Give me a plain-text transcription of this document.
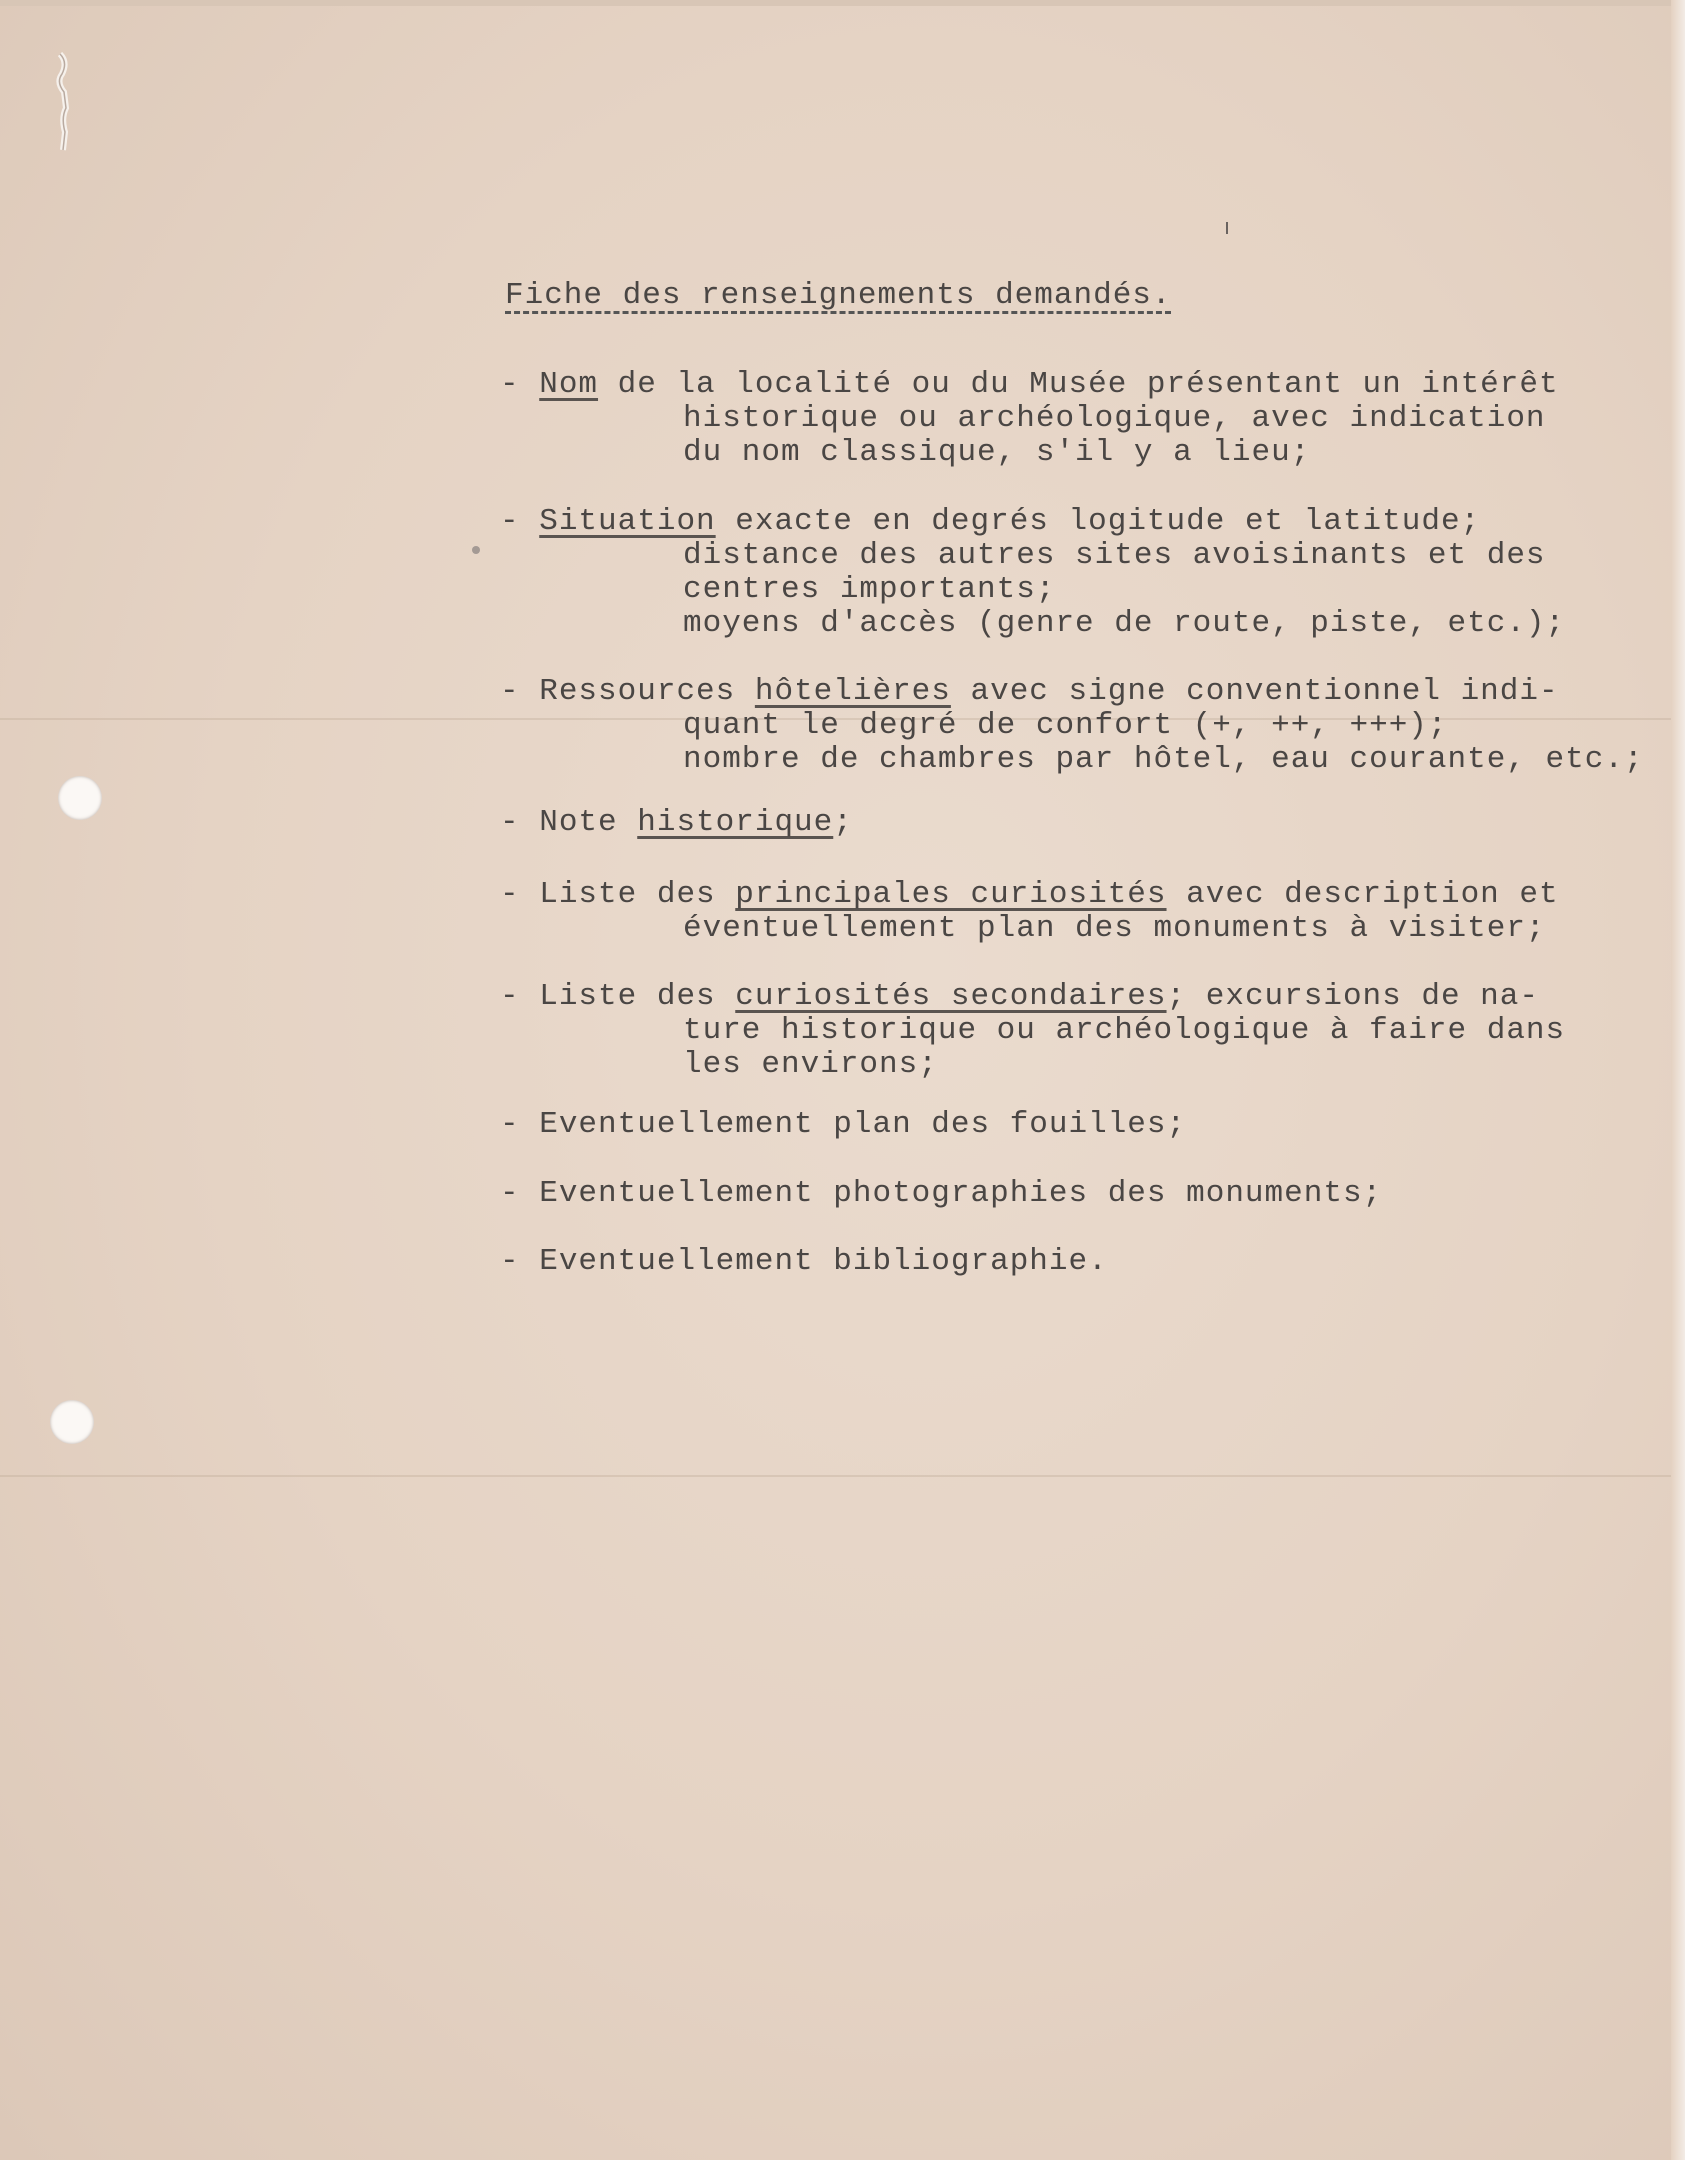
Fiche des renseignements demandés.
- Nom de la localité ou du Musée présentant un intérêt
historique ou archéologique, avec indication
du nom classique, s'il y a lieu;
- Situation exacte en degrés logitude et latitude;
distance des autres sites avoisinants et des
centres importants;
moyens d'accès (genre de route, piste, etc.);
- Ressources hôtelières avec signe conventionnel indi-
quant le degré de confort (+, ++, +++);
nombre de chambres par hôtel, eau courante, etc.;
- Note historique;
- Liste des principales curiosités avec description et
éventuellement plan des monuments à visiter;
- Liste des curiosités secondaires; excursions de na-
ture historique ou archéologique à faire dans
les environs;
- Eventuellement plan des fouilles;
- Eventuellement photographies des monuments;
- Eventuellement bibliographie.
